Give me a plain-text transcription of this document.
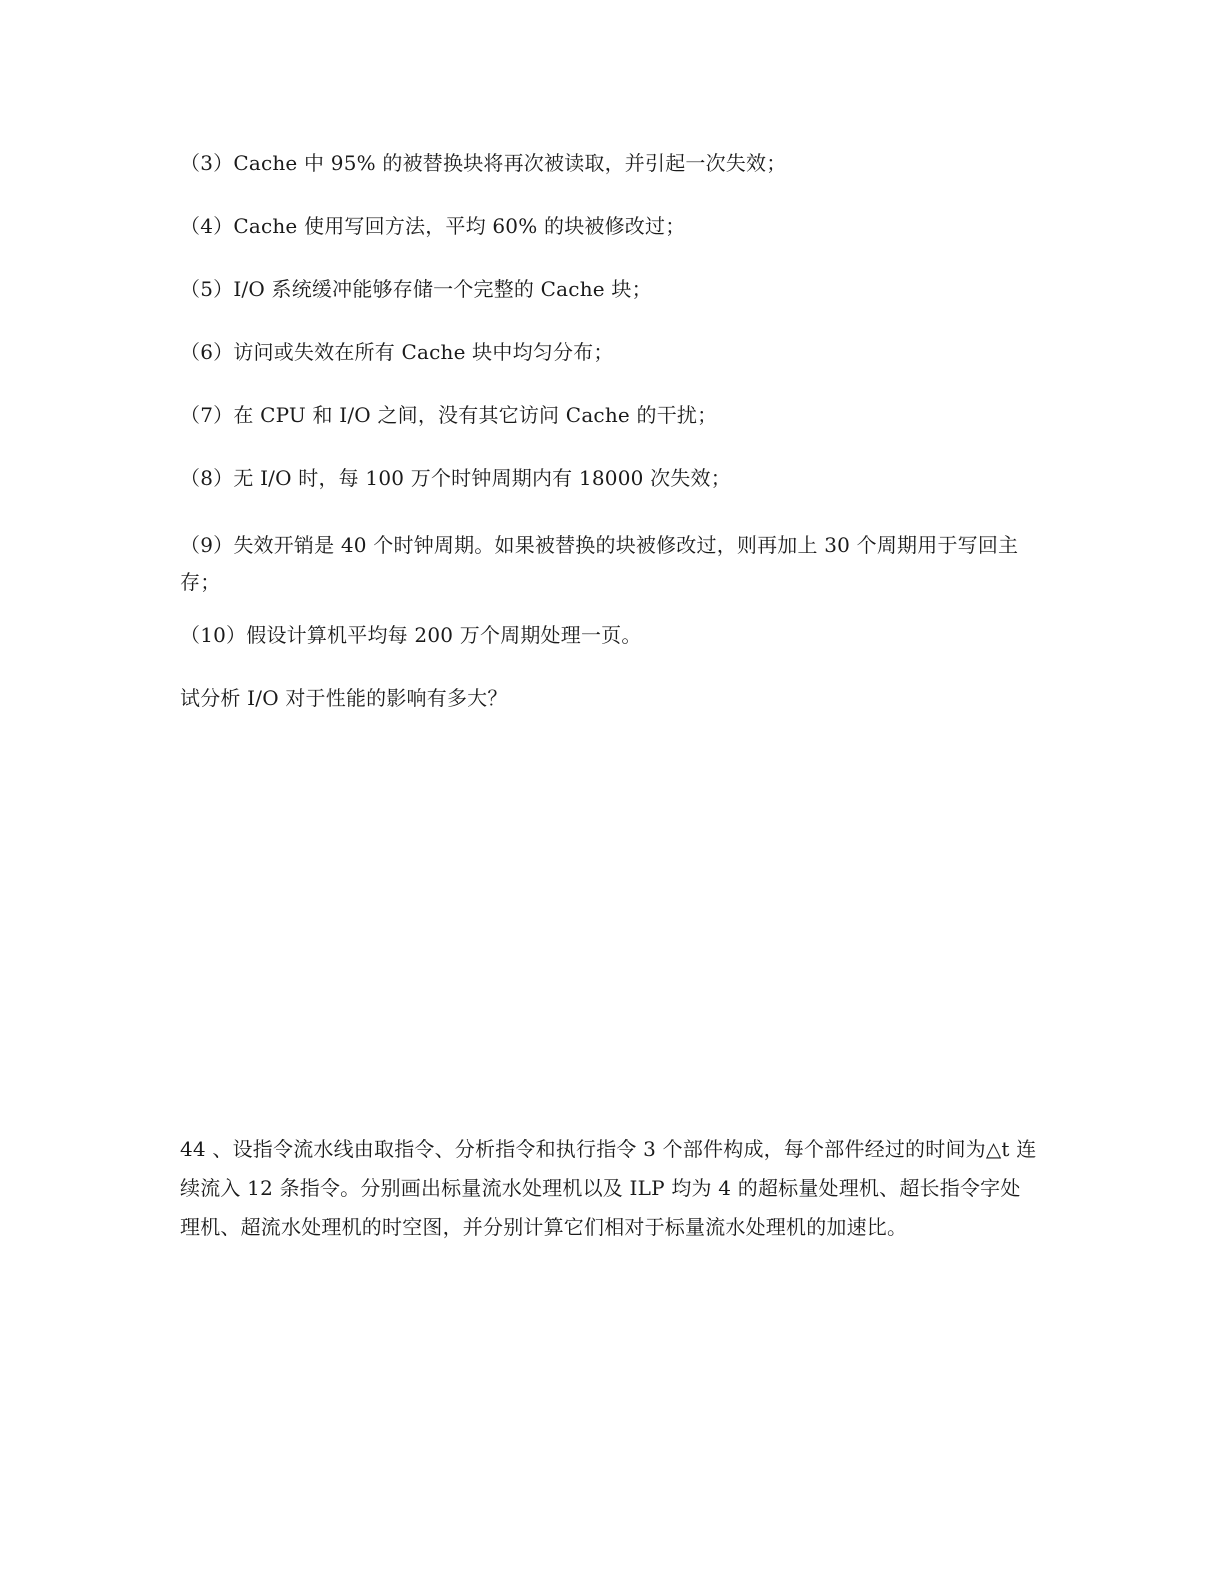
（3）Cache 中 95% 的被替换块将再次被读取，并引起一次失效；
（4）Cache 使用写回方法，平均 60% 的块被修改过；
（5）I/O 系统缓冲能够存储一个完整的 Cache 块；
（6）访问或失效在所有 Cache 块中均匀分布；
（7）在 CPU 和 I/O 之间，没有其它访问 Cache 的干扰；
（8）无 I/O 时，每 100 万个时钟周期内有 18000 次失效；
（9）失效开销是 40 个时钟周期。如果被替换的块被修改过，则再加上 30 个周期用于写回主存；
（10）假设计算机平均每 200 万个周期处理一页。
试分析 I/O 对于性能的影响有多大？
44 、设指令流水线由取指令、分析指令和执行指令 3 个部件构成，每个部件经过的时间为△t 连续流入 12 条指令。分别画出标量流水处理机以及 ILP 均为 4 的超标量处理机、超长指令字处理机、超流水处理机的时空图，并分别计算它们相对于标量流水处理机的加速比。
